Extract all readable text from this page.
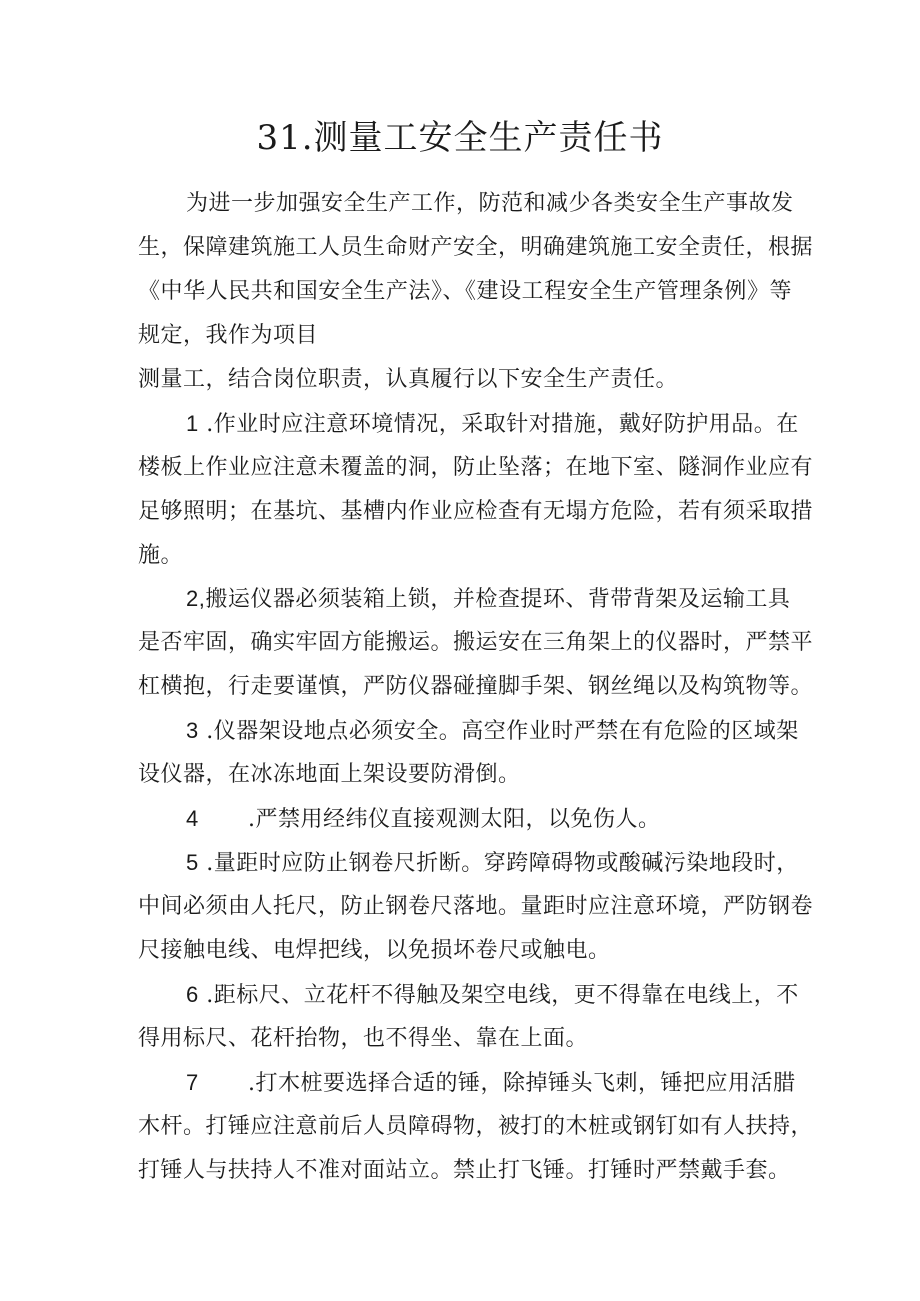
31.测量工安全生产责任书
为进一步加强安全生产工作，防范和减少各类安全生产事故发
生，保障建筑施工人员生命财产安全，明确建筑施工安全责任，根据
《中华人民共和国安全生产法》、《建设工程安全生产管理条例》等
规定，我作为项目
测量工，结合岗位职责，认真履行以下安全生产责任。
1 .作业时应注意环境情况，采取针对措施，戴好防护用品。在
楼板上作业应注意未覆盖的洞，防止坠落；在地下室、隧洞作业应有
足够照明；在基坑、基槽内作业应检查有无塌方危险，若有须采取措
施。
2,搬运仪器必须装箱上锁，并检查提环、背带背架及运输工具
是否牢固，确实牢固方能搬运。搬运安在三角架上的仪器时，严禁平
杠横抱，行走要谨慎，严防仪器碰撞脚手架、钢丝绳以及构筑物等。
3 .仪器架设地点必须安全。高空作业时严禁在有危险的区域架
设仪器，在冰冻地面上架设要防滑倒。
4 .严禁用经纬仪直接观测太阳，以免伤人。
5 .量距时应防止钢卷尺折断。穿跨障碍物或酸碱污染地段时，
中间必须由人托尺，防止钢卷尺落地。量距时应注意环境，严防钢卷
尺接触电线、电焊把线，以免损坏卷尺或触电。
6 .距标尺、立花杆不得触及架空电线，更不得靠在电线上，不
得用标尺、花杆抬物，也不得坐、靠在上面。
7 .打木桩要选择合适的锤，除掉锤头飞刺，锤把应用活腊
木杆。打锤应注意前后人员障碍物，被打的木桩或钢钉如有人扶持，
打锤人与扶持人不准对面站立。禁止打飞锤。打锤时严禁戴手套。
